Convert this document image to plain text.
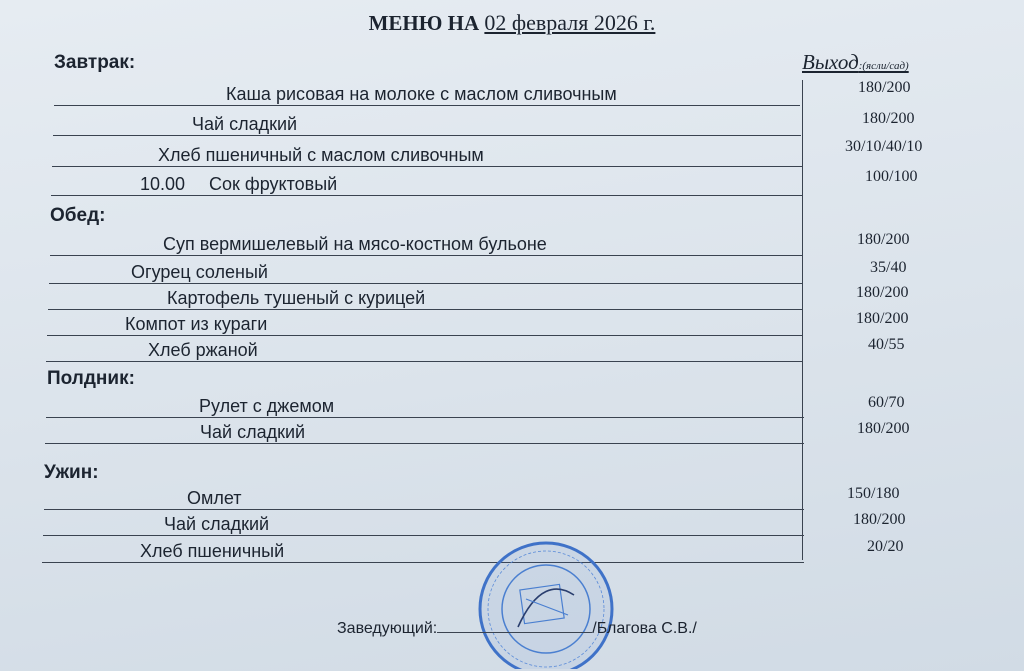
МЕНЮ НА 02 февраля 2026 г.
Выход:(ясли/сад)
Завтрак:
Обед:
Полдник:
Ужин:
Каша рисовая на молоке с маслом сливочным	180/200
Чай сладкий	180/200
Хлеб пшеничный с маслом сливочным	30/10/40/10
10.00 Сок фруктовый	100/100
Суп вермишелевый на мясо-костном бульоне	180/200
Огурец соленый	35/40
Картофель тушеный с курицей	180/200
Компот из кураги	180/200
Хлеб ржаной	40/55
Рулет с джемом	60/70
Чай сладкий	180/200
Омлет	150/180
Чай сладкий	180/200
Хлеб пшеничный	20/20
Заведующий:	/Благова С.В./
